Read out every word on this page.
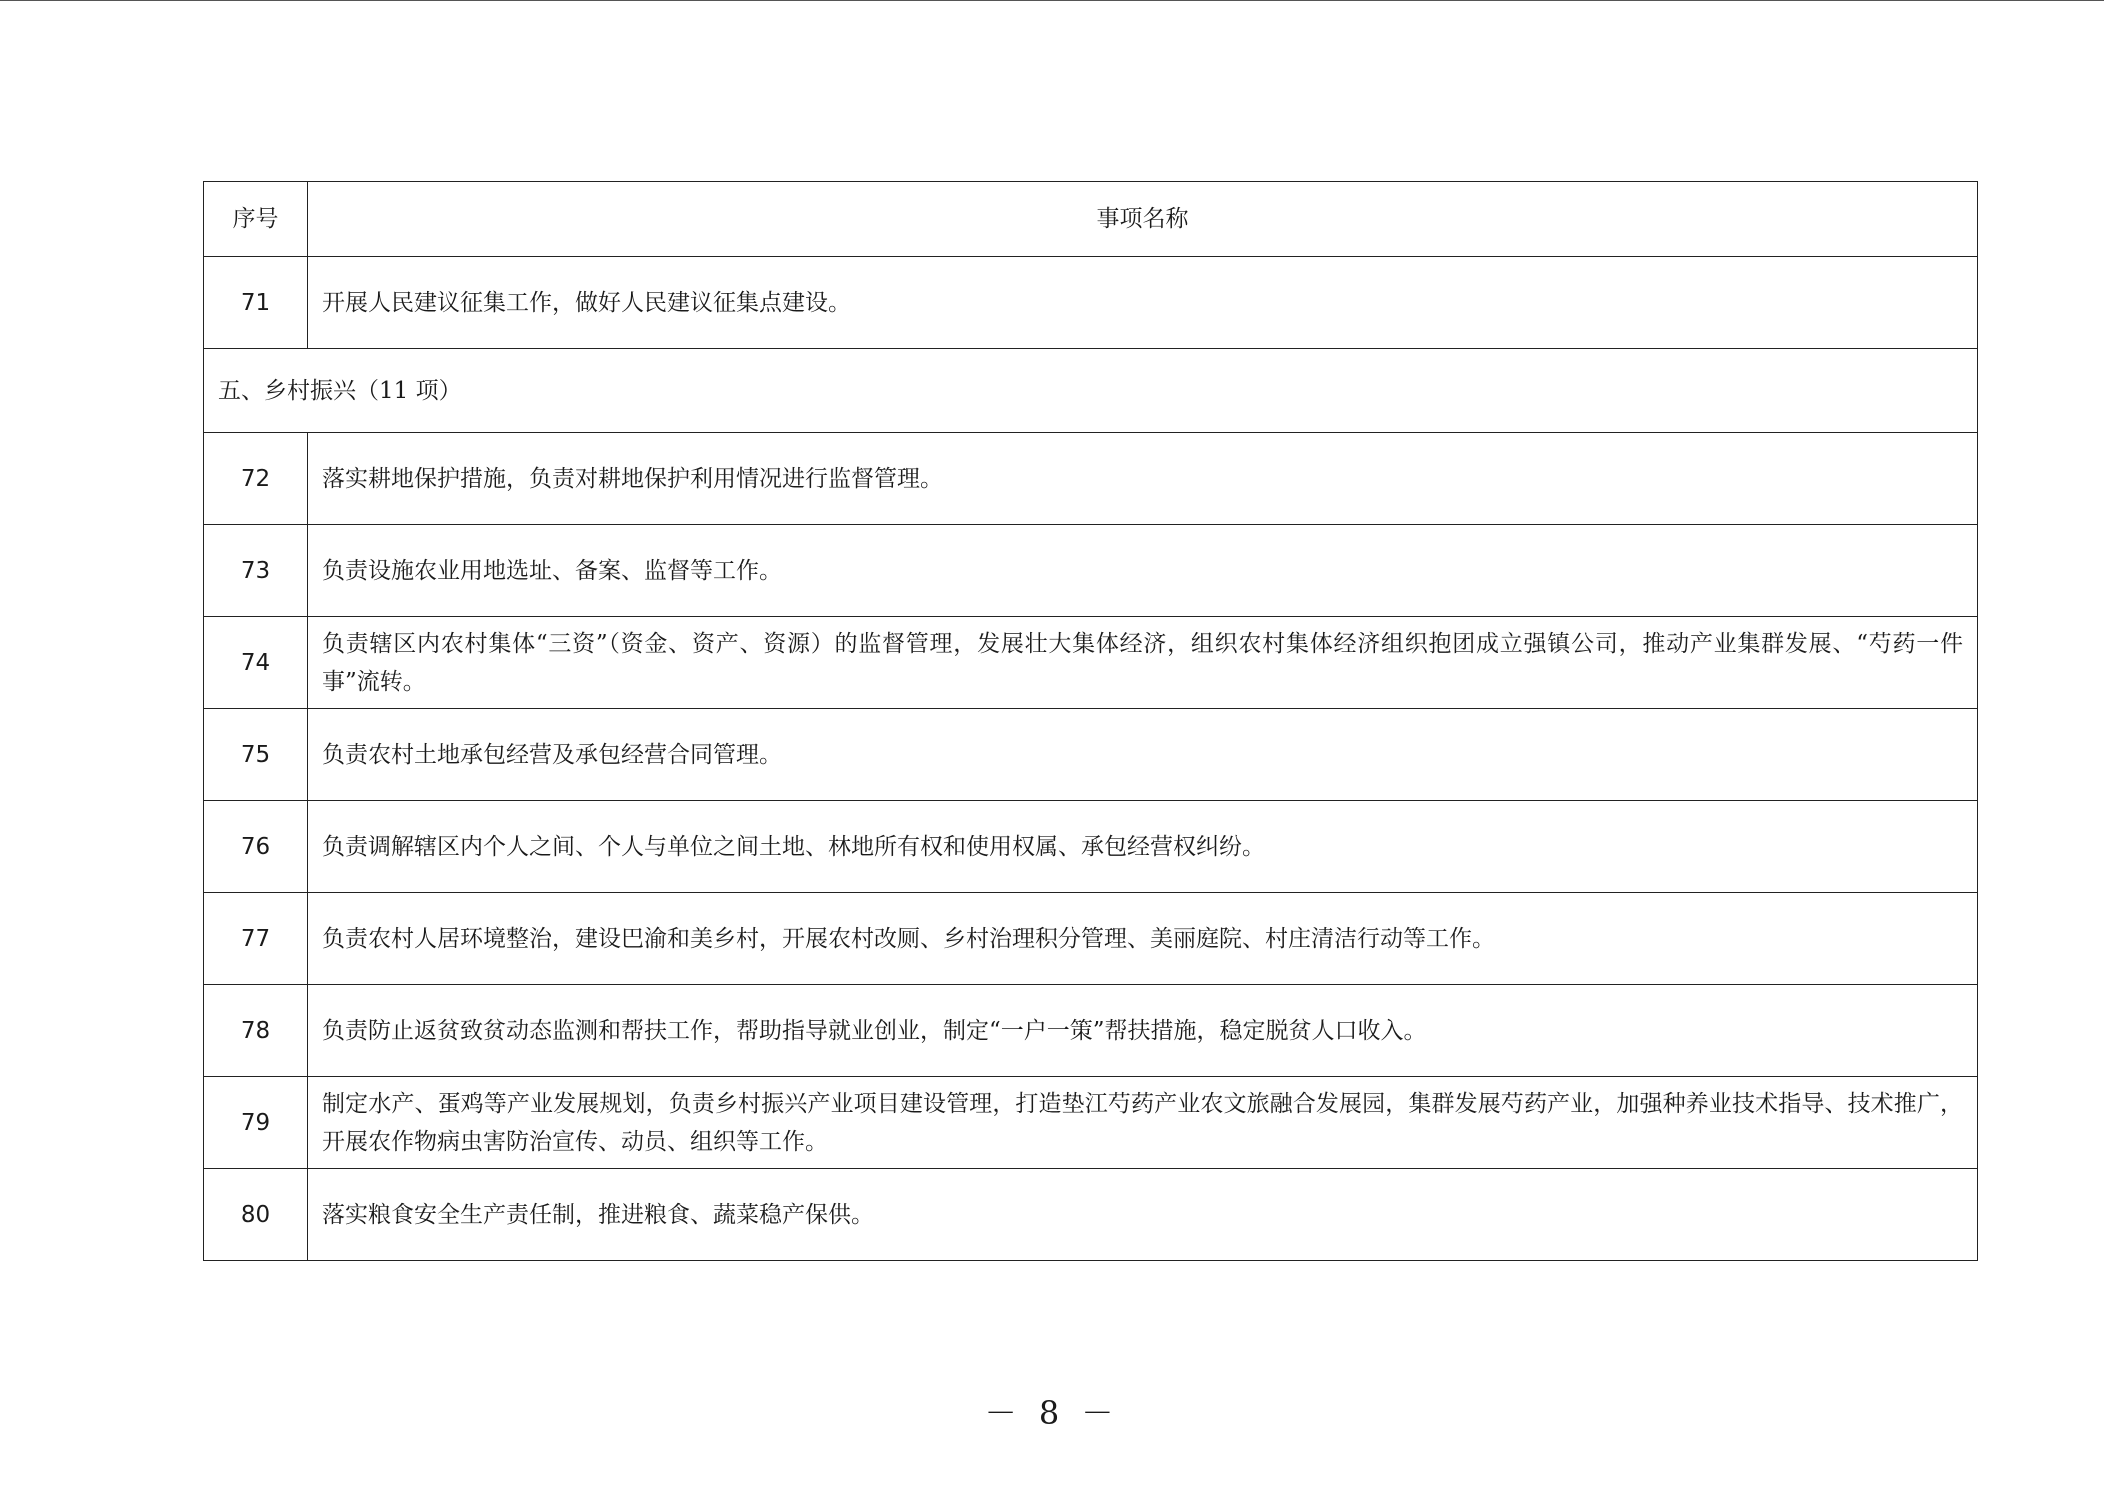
序号	事项名称
71	开展人民建议征集工作，做好人民建议征集点建设。
五、乡村振兴（11 项）	
72	落实耕地保护措施，负责对耕地保护利用情况进行监督管理。
73	负责设施农业用地选址、备案、监督等工作。
74	负责辖区内农村集体“三资”（资金、资产、资源）的监督管理，发展壮大集体经济，组织农村集体经济组织抱团成立强镇公司，推动产业集群发展、“芍药一件事”流转。
75	负责农村土地承包经营及承包经营合同管理。
76	负责调解辖区内个人之间、个人与单位之间土地、林地所有权和使用权属、承包经营权纠纷。
77	负责农村人居环境整治，建设巴渝和美乡村，开展农村改厕、乡村治理积分管理、美丽庭院、村庄清洁行动等工作。
78	负责防止返贫致贫动态监测和帮扶工作，帮助指导就业创业，制定“一户一策”帮扶措施，稳定脱贫人口收入。
79	制定水产、蛋鸡等产业发展规划，负责乡村振兴产业项目建设管理，打造垫江芍药产业农文旅融合发展园，集群发展芍药产业，加强种养业技术指导、技术推广，开展农作物病虫害防治宣传、动员、组织等工作。
80	落实粮食安全生产责任制，推进粮食、蔬菜稳产保供。
－ 8 －
